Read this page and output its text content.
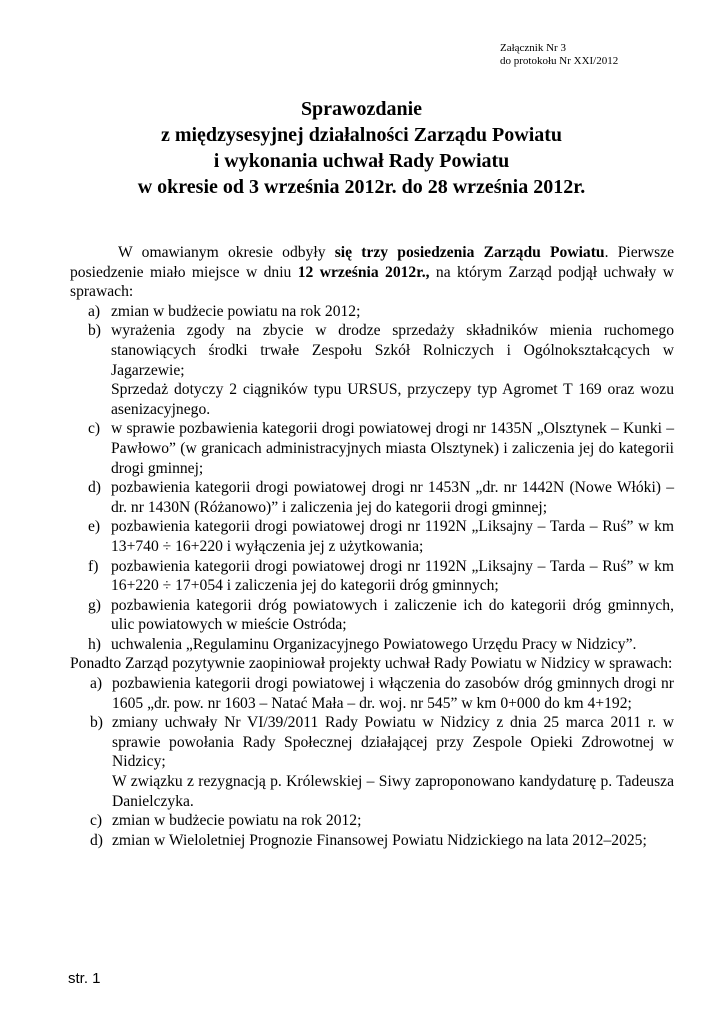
Załącznik Nr 3
do protokołu Nr XXI/2012
Sprawozdanie
z międzysesyjnej działalności Zarządu Powiatu
i wykonania uchwał Rady Powiatu
w okresie od 3 września 2012r. do 28 września 2012r.

W omawianym okresie odbyły się trzy posiedzenia Zarządu Powiatu. Pierwsze posiedzenie miało miejsce w dniu 12 września 2012r., na którym Zarząd podjął uchwały w sprawach:

a) zmian w budżecie powiatu na rok 2012;
b) wyrażenia zgody na zbycie w drodze sprzedaży składników mienia ruchomego stanowiących środki trwałe Zespołu Szkół Rolniczych i Ogólnokształcących w Jagarzewie;
Sprzedaż dotyczy 2 ciągników typu URSUS, przyczepy typ Agromet T 169 oraz wozu asenizacyjnego.
c) w sprawie pozbawienia kategorii drogi powiatowej drogi nr 1435N „Olsztynek – Kunki – Pawłowo” (w granicach administracyjnych miasta Olsztynek) i zaliczenia jej do kategorii drogi gminnej;
d) pozbawienia kategorii drogi powiatowej drogi nr 1453N „dr. nr 1442N (Nowe Włóki) – dr. nr 1430N (Różanowo)” i zaliczenia jej do kategorii drogi gminnej;
e) pozbawienia kategorii drogi powiatowej drogi nr 1192N „Liksajny – Tarda – Ruś” w km 13+740 ÷ 16+220 i wyłączenia jej z użytkowania;
f) pozbawienia kategorii drogi powiatowej drogi nr 1192N „Liksajny – Tarda – Ruś” w km 16+220 ÷ 17+054 i zaliczenia jej do kategorii dróg gminnych;
g) pozbawienia kategorii dróg powiatowych i zaliczenie ich do kategorii dróg gminnych, ulic powiatowych w mieście Ostróda;
h) uchwalenia „Regulaminu Organizacyjnego Powiatowego Urzędu Pracy w Nidzicy”.

Ponadto Zarząd pozytywnie zaopiniował projekty uchwał Rady Powiatu w Nidzicy w sprawach:

a) pozbawienia kategorii drogi powiatowej i włączenia do zasobów dróg gminnych drogi nr 1605 „dr. pow. nr 1603 – Natać Mała – dr. woj. nr 545” w km 0+000 do km 4+192;
b) zmiany uchwały Nr VI/39/2011 Rady Powiatu w Nidzicy z dnia 25 marca 2011 r. w sprawie powołania Rady Społecznej działającej przy Zespole Opieki Zdrowotnej w Nidzicy;
W związku z rezygnacją p. Królewskiej – Siwy zaproponowano kandydaturę p. Tadeusza Danielczyka.
c) zmian w budżecie powiatu na rok 2012;
d) zmian w Wieloletniej Prognozie Finansowej Powiatu Nidzickiego na lata 2012–2025;
str. 1
